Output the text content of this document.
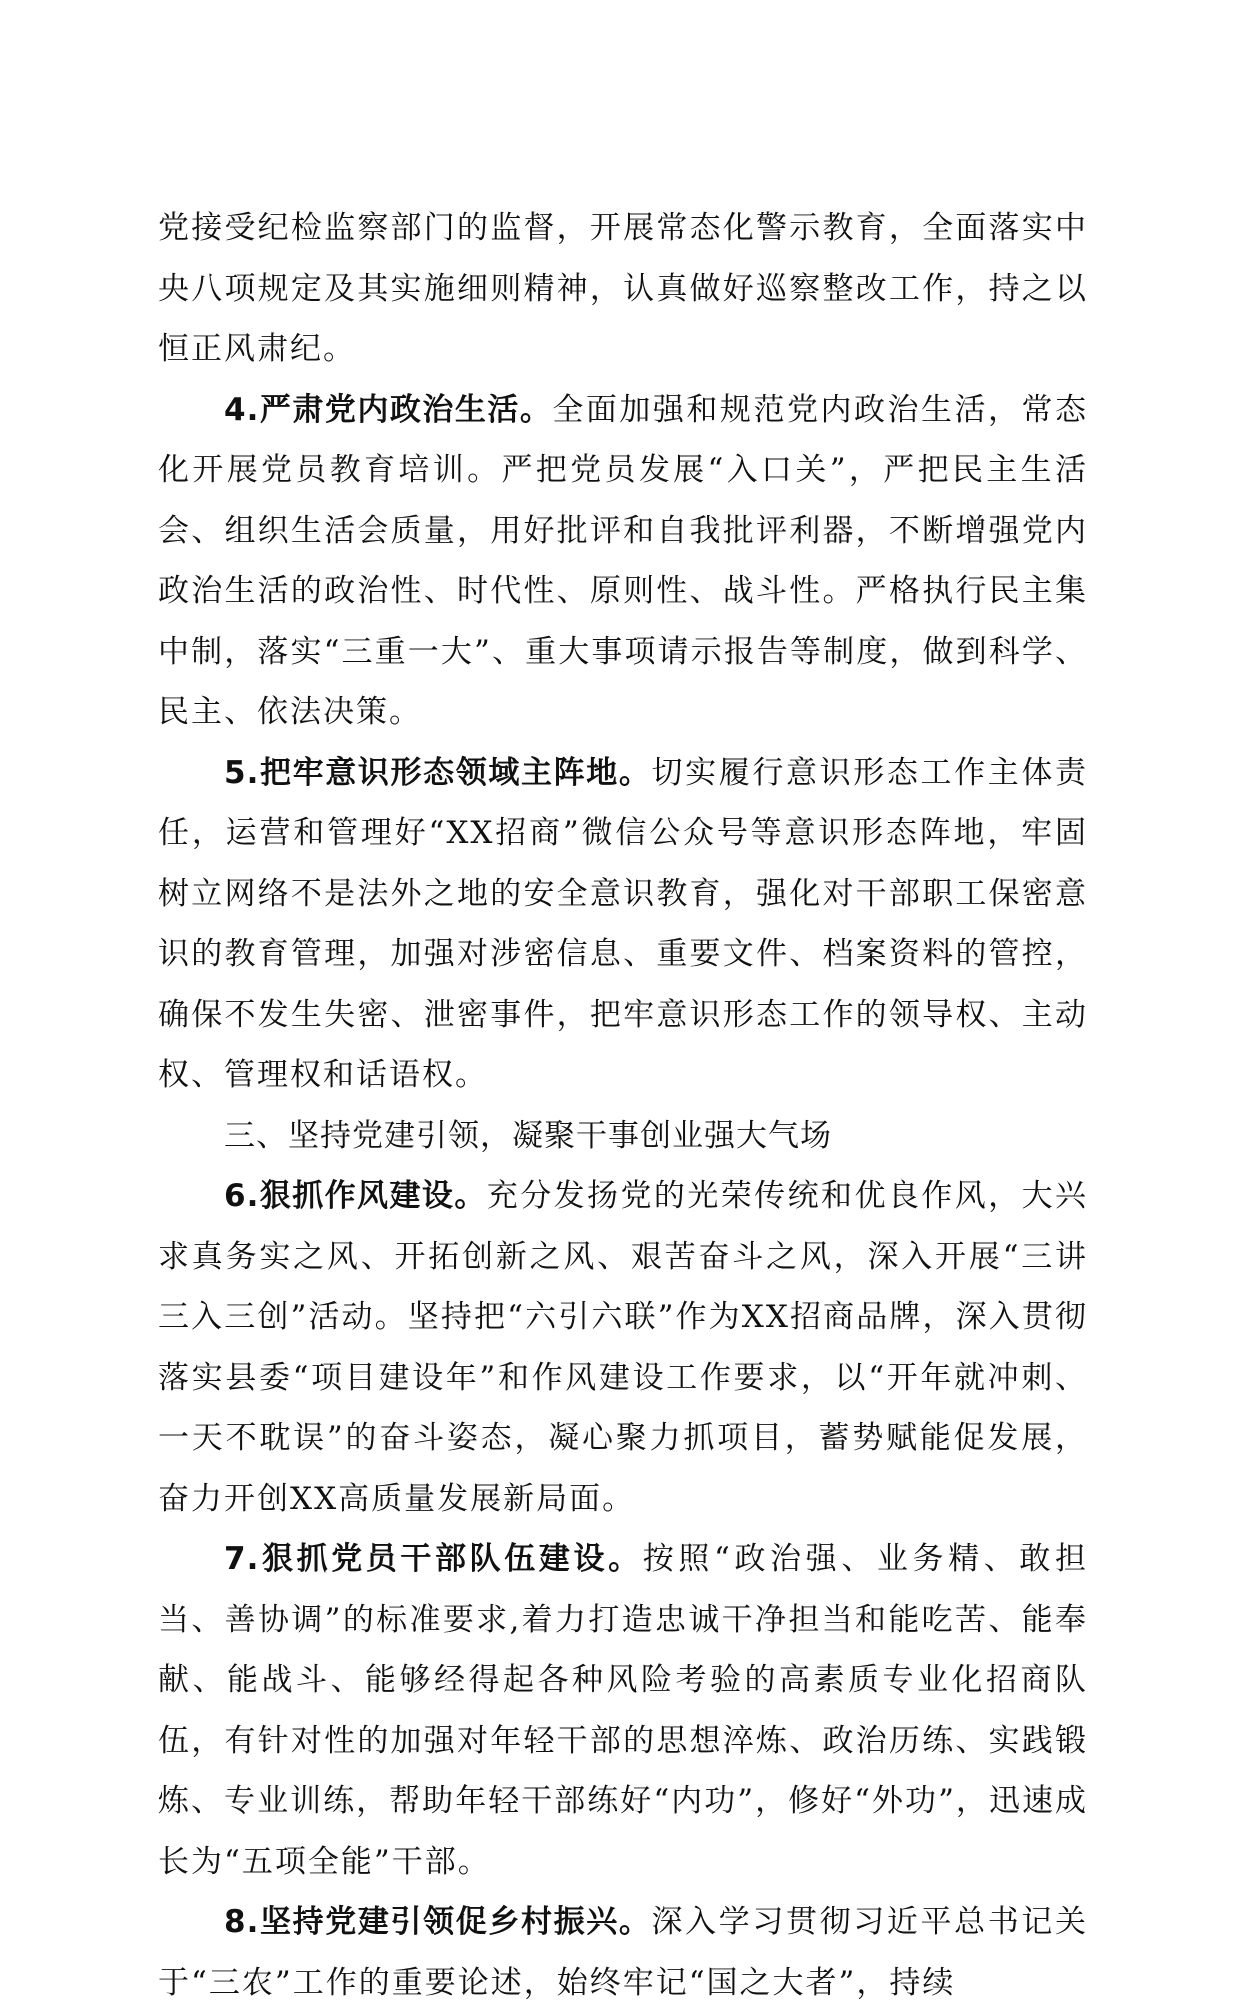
党接受纪检监察部门的监督，开展常态化警示教育，全面落实中央八项规定及其实施细则精神，认真做好巡察整改工作，持之以恒正风肃纪。

4.严肃党内政治生活。全面加强和规范党内政治生活，常态化开展党员教育培训。严把党员发展“入口关”，严把民主生活会、组织生活会质量，用好批评和自我批评利器，不断增强党内政治生活的政治性、时代性、原则性、战斗性。严格执行民主集中制，落实“三重一大”、重大事项请示报告等制度，做到科学、民主、依法决策。

5.把牢意识形态领域主阵地。切实履行意识形态工作主体责任，运营和管理好“XX招商”微信公众号等意识形态阵地，牢固树立网络不是法外之地的安全意识教育，强化对干部职工保密意识的教育管理，加强对涉密信息、重要文件、档案资料的管控，确保不发生失密、泄密事件，把牢意识形态工作的领导权、主动权、管理权和话语权。

三、坚持党建引领，凝聚干事创业强大气场

6.狠抓作风建设。充分发扬党的光荣传统和优良作风，大兴求真务实之风、开拓创新之风、艰苦奋斗之风，深入开展“三讲三入三创”活动。坚持把“六引六联”作为XX招商品牌，深入贯彻落实县委“项目建设年”和作风建设工作要求，以“开年就冲刺、一天不耽误”的奋斗姿态，凝心聚力抓项目，蓄势赋能促发展，奋力开创XX高质量发展新局面。

7.狠抓党员干部队伍建设。按照“政治强、业务精、敢担当、善协调”的标准要求,着力打造忠诚干净担当和能吃苦、能奉献、能战斗、能够经得起各种风险考验的高素质专业化招商队伍，有针对性的加强对年轻干部的思想淬炼、政治历练、实践锻炼、专业训练，帮助年轻干部练好“内功”，修好“外功”，迅速成长为“五项全能”干部。

8.坚持党建引领促乡村振兴。深入学习贯彻习近平总书记关于“三农”工作的重要论述，始终牢记“国之大者”，持续
